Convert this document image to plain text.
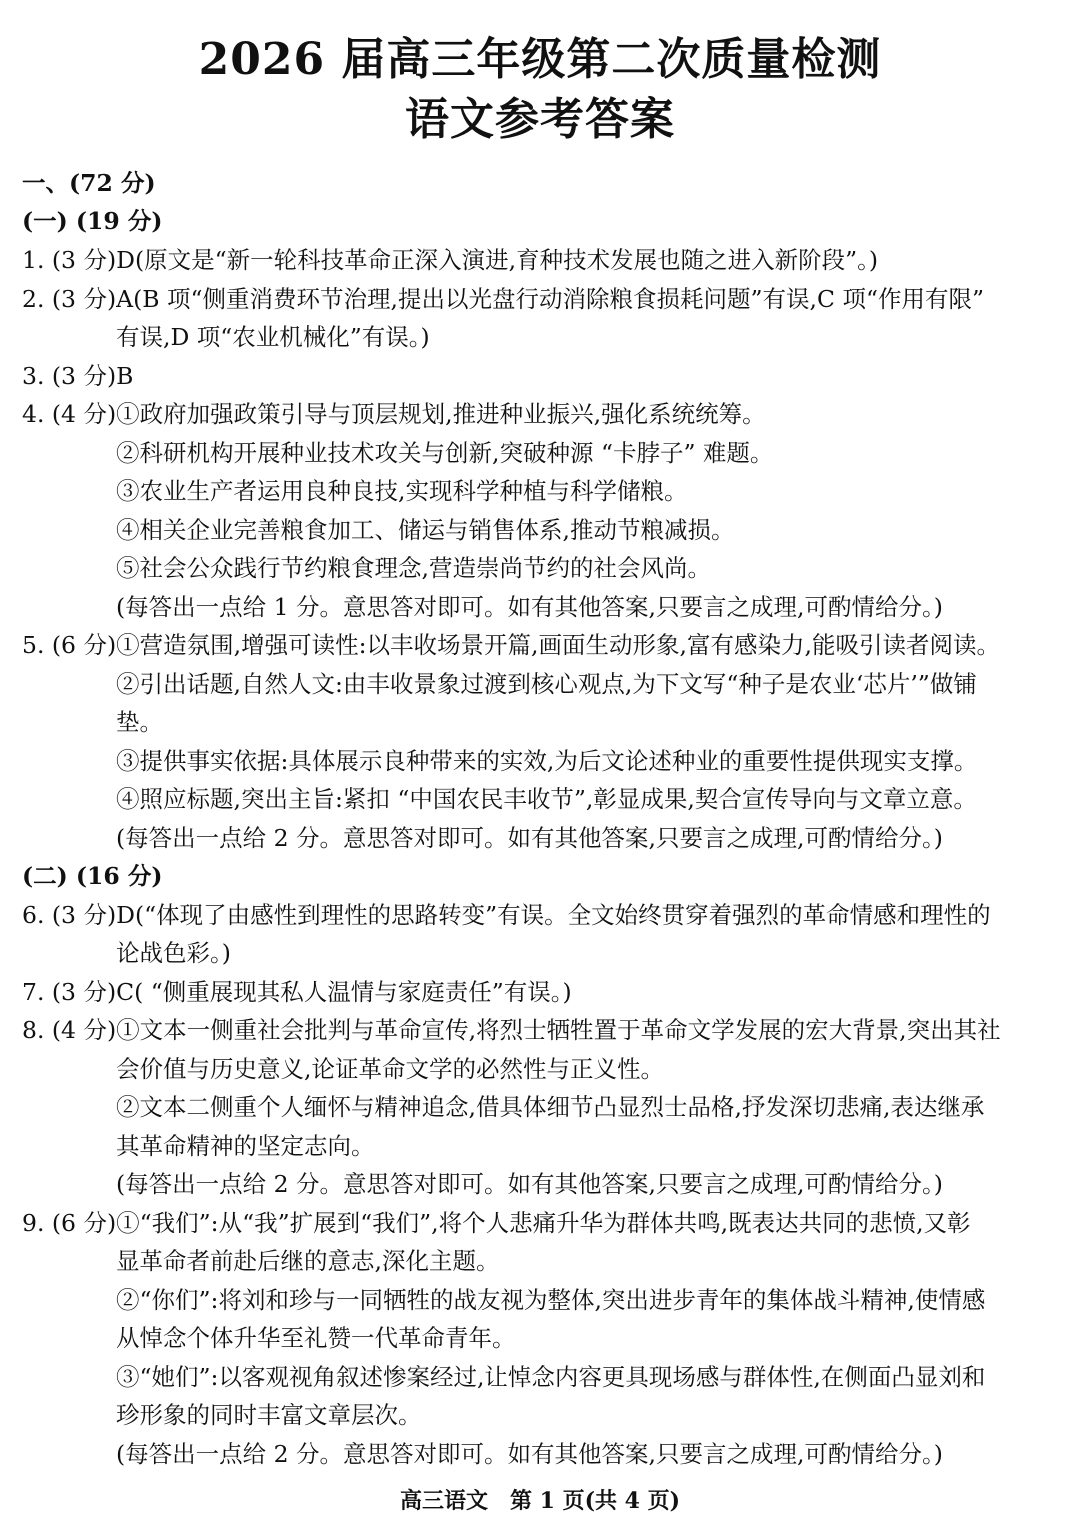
2026 届高三年级第二次质量检测
语文参考答案
一、(72 分)
(一) (19 分)
1. (3 分)D(原文是“新一轮科技革命正深入演进,育种技术发展也随之进入新阶段”。)
2. (3 分)A(B 项“侧重消费环节治理,提出以光盘行动消除粮食损耗问题”有误,C 项“作用有限”
有误,D 项“农业机械化”有误。)
3. (3 分)B
4. (4 分)①政府加强政策引导与顶层规划,推进种业振兴,强化系统统筹。
②科研机构开展种业技术攻关与创新,突破种源 “卡脖子” 难题。
③农业生产者运用良种良技,实现科学种植与科学储粮。
④相关企业完善粮食加工、储运与销售体系,推动节粮减损。
⑤社会公众践行节约粮食理念,营造崇尚节约的社会风尚。
(每答出一点给 1 分。意思答对即可。如有其他答案,只要言之成理,可酌情给分。)
5. (6 分)①营造氛围,增强可读性:以丰收场景开篇,画面生动形象,富有感染力,能吸引读者阅读。
②引出话题,自然人文:由丰收景象过渡到核心观点,为下文写“种子是农业‘芯片’”做铺
垫。
③提供事实依据:具体展示良种带来的实效,为后文论述种业的重要性提供现实支撑。
④照应标题,突出主旨:紧扣 “中国农民丰收节”,彰显成果,契合宣传导向与文章立意。
(每答出一点给 2 分。意思答对即可。如有其他答案,只要言之成理,可酌情给分。)
(二) (16 分)
6. (3 分)D(“体现了由感性到理性的思路转变”有误。全文始终贯穿着强烈的革命情感和理性的
论战色彩。)
7. (3 分)C( “侧重展现其私人温情与家庭责任”有误。)
8. (4 分)①文本一侧重社会批判与革命宣传,将烈士牺牲置于革命文学发展的宏大背景,突出其社
会价值与历史意义,论证革命文学的必然性与正义性。
②文本二侧重个人缅怀与精神追念,借具体细节凸显烈士品格,抒发深切悲痛,表达继承
其革命精神的坚定志向。
(每答出一点给 2 分。意思答对即可。如有其他答案,只要言之成理,可酌情给分。)
9. (6 分)①“我们”:从“我”扩展到“我们”,将个人悲痛升华为群体共鸣,既表达共同的悲愤,又彰
显革命者前赴后继的意志,深化主题。
②“你们”:将刘和珍与一同牺牲的战友视为整体,突出进步青年的集体战斗精神,使情感
从悼念个体升华至礼赞一代革命青年。
③“她们”:以客观视角叙述惨案经过,让悼念内容更具现场感与群体性,在侧面凸显刘和
珍形象的同时丰富文章层次。
(每答出一点给 2 分。意思答对即可。如有其他答案,只要言之成理,可酌情给分。)
高三语文　第 1 页(共 4 页)
